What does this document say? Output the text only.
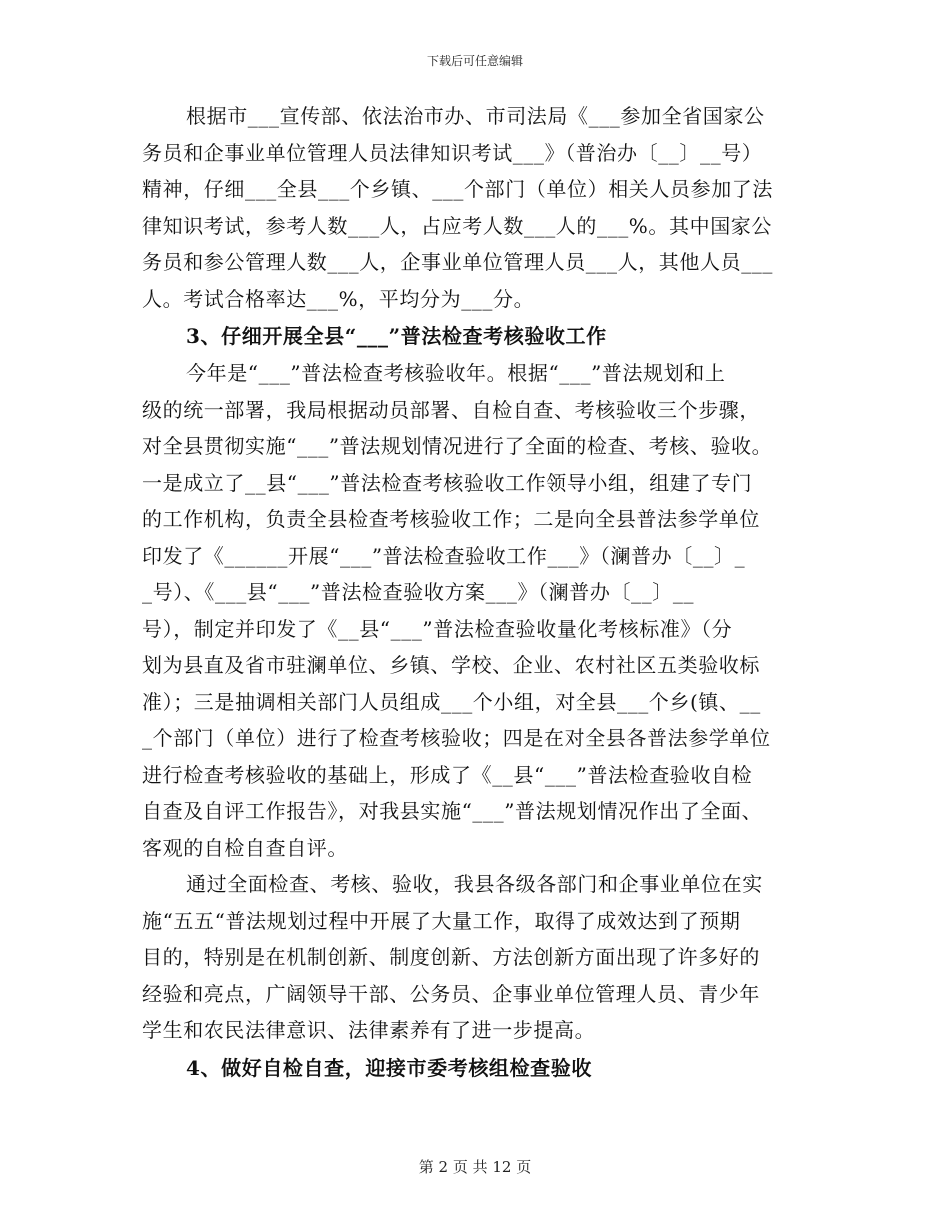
下载后可任意编辑
根据市___宣传部、依法治市办、市司法局《___参加全省国家公
务员和企事业单位管理人员法律知识考试___》（普治办〔__〕__号）
精神，仔细___全县___个乡镇、___个部门（单位）相关人员参加了法
律知识考试，参考人数___人，占应考人数___人的___%。其中国家公
务员和参公管理人数___人，企事业单位管理人员___人，其他人员___
人。考试合格率达___%，平均分为___分。
3、仔细开展全县“___”普法检查考核验收工作
今年是“___”普法检查考核验收年。根据“___”普法规划和上
级的统一部署，我局根据动员部署、自检自查、考核验收三个步骤，
对全县贯彻实施“___”普法规划情况进行了全面的检查、考核、验收。
一是成立了__县“___”普法检查考核验收工作领导小组，组建了专门
的工作机构，负责全县检查考核验收工作；二是向全县普法参学单位
印发了《______开展“___”普法检查验收工作___》（澜普办〔__〕_
_号）、《___县“___”普法检查验收方案___》（澜普办〔__〕__
号），制定并印发了《__县“___”普法检查验收量化考核标准》（分
划为县直及省市驻澜单位、乡镇、学校、企业、农村社区五类验收标
准）；三是抽调相关部门人员组成___个小组，对全县___个乡(镇、__
_个部门（单位）进行了检查考核验收；四是在对全县各普法参学单位
进行检查考核验收的基础上，形成了《__县“___”普法检查验收自检
自查及自评工作报告》，对我县实施“___”普法规划情况作出了全面、
客观的自检自查自评。
通过全面检查、考核、验收，我县各级各部门和企事业单位在实
施“五五“普法规划过程中开展了大量工作，取得了成效达到了预期
目的，特别是在机制创新、制度创新、方法创新方面出现了许多好的
经验和亮点，广阔领导干部、公务员、企事业单位管理人员、青少年
学生和农民法律意识、法律素养有了进一步提高。
4、做好自检自查，迎接市委考核组检查验收
第 2 页 共 12 页
